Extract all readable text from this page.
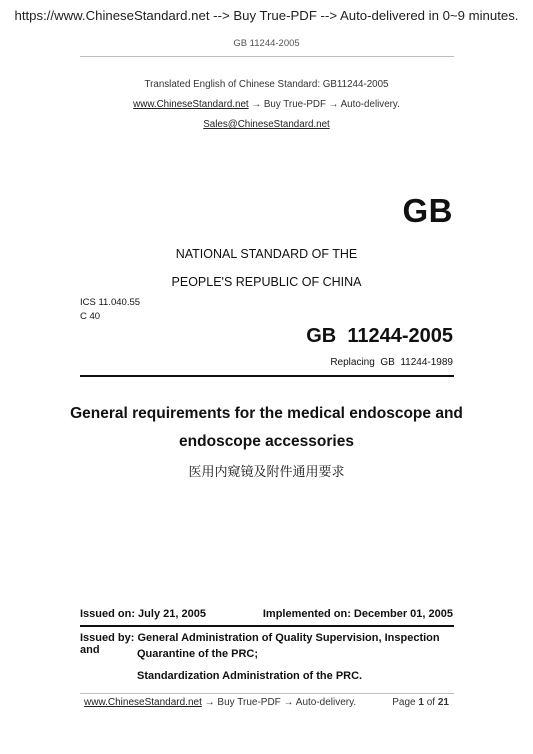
https://www.ChineseStandard.net --> Buy True-PDF --> Auto-delivered in 0~9 minutes.
GB 11244-2005
Translated English of Chinese Standard: GB11244-2005
www.ChineseStandard.net → Buy True-PDF → Auto-delivery.
Sales@ChineseStandard.net
GB
NATIONAL STANDARD OF THE
PEOPLE'S REPUBLIC OF CHINA
ICS 11.040.55
C 40
GB  11244-2005
Replacing  GB  11244-1989
General requirements for the medical endoscope and
endoscope accessories
医用内窥镜及附件通用要求
Issued on: July 21, 2005	Implemented on: December 01, 2005
Issued by: General Administration of Quality Supervision, Inspection and	Quarantine of the PRC;
Standardization Administration of the PRC.
www.ChineseStandard.net → Buy True-PDF → Auto-delivery.	Page 1 of 21
